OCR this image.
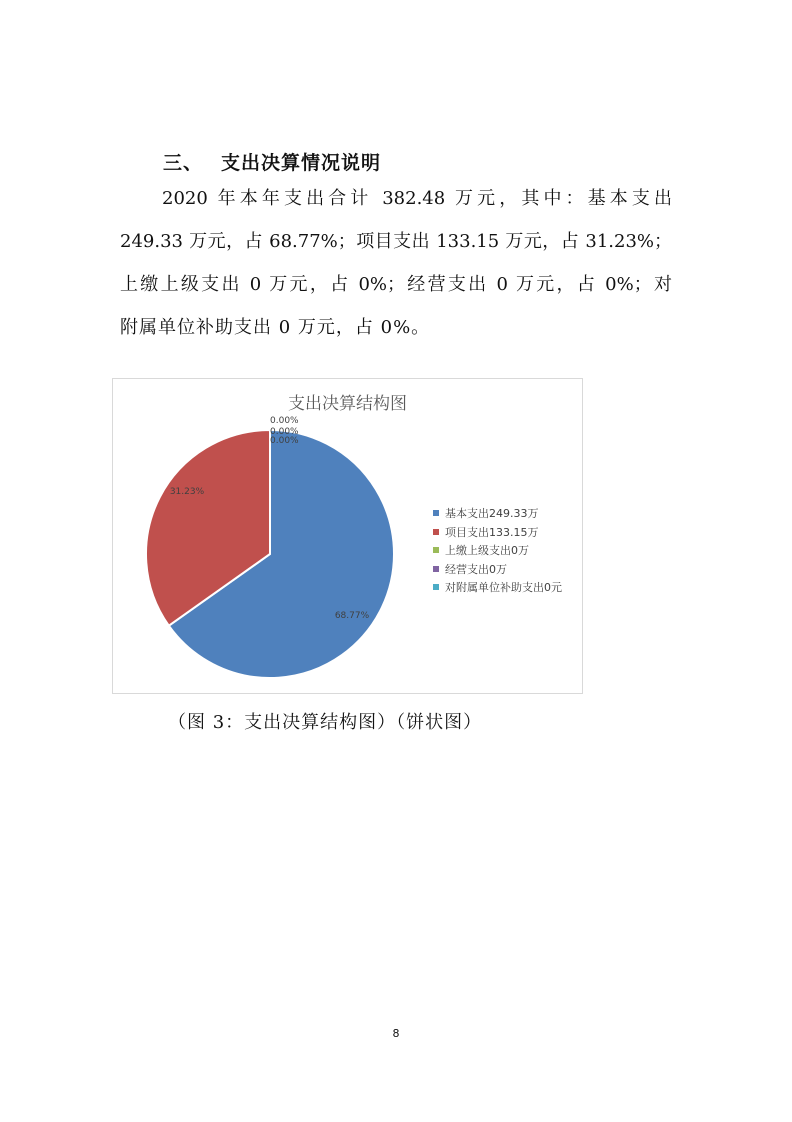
三、 支出决算情况说明
2020 年本年支出合计 382.48 万元，其中：基本支出
249.33 万元，占 68.77%；项目支出 133.15 万元，占 31.23%；
上缴上级支出 0 万元，占 0%；经营支出 0 万元，占 0%；对
附属单位补助支出 0 万元，占 0%。
支出决算结构图
68.77%
31.23%
0.00%
0.00%
0.00%
基本支出249.33万
项目支出133.15万
上缴上级支出0万
经营支出0万
对附属单位补助支出0元
（图 3：支出决算结构图）（饼状图）
8
